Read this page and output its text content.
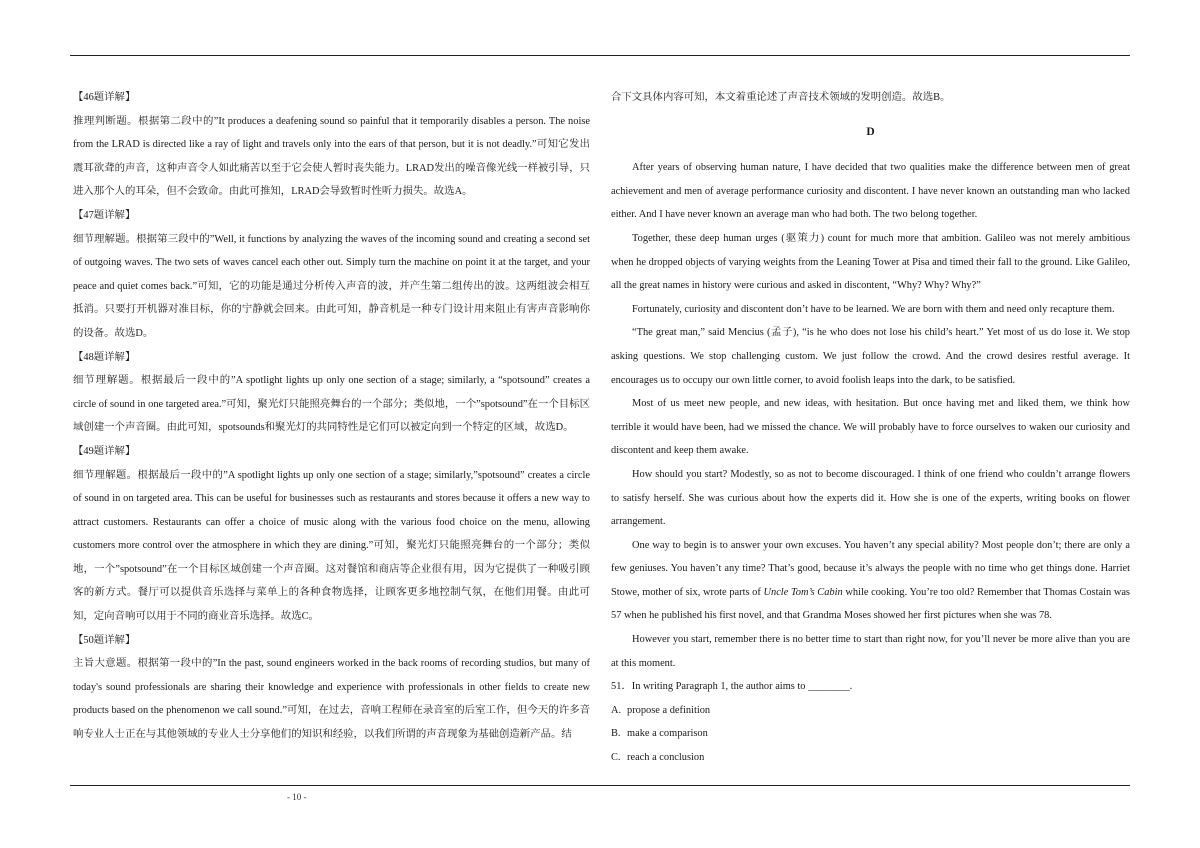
【46题详解】

推理判断题。根据第二段中的”It produces a deafening sound so painful that it temporarily disables a person. The noise from the LRAD is directed like a ray of light and travels only into the ears of that person, but it is not deadly.”可知它发出震耳欲聋的声音，这种声音令人如此痛苦以至于它会使人暂时丧失能力。LRAD发出的噪音像光线一样被引导，只进入那个人的耳朵，但不会致命。由此可推知，LRAD会导致暂时性听力损失。故选A。

【47题详解】

细节理解题。根据第三段中的”Well, it functions by analyzing the waves of the incoming sound and creating a second set of outgoing waves. The two sets of waves cancel each other out. Simply turn the machine on point it at the target, and your peace and quiet comes back.”可知，它的功能是通过分析传入声音的波，并产生第二组传出的波。这两组波会相互抵消。只要打开机器对准目标，你的宁静就会回来。由此可知，静音机是一种专门设计用来阻止有害声音影响你的设备。故选D。

【48题详解】

细节理解题。根据最后一段中的”A spotlight lights up only one section of a stage; similarly, a “spotsound” creates a circle of sound in one targeted area.”可知，聚光灯只能照亮舞台的一个部分；类似地，一个”spotsound”在一个目标区域创建一个声音圈。由此可知，spotsounds和聚光灯的共同特性是它们可以被定向到一个特定的区域，故选D。

【49题详解】

细节理解题。根据最后一段中的”A spotlight lights up only one section of a stage; similarly,”spotsound” creates a circle of sound in on targeted area. This can be useful for businesses such as restaurants and stores because it offers a new way to attract customers. Restaurants can offer a choice of music along with the various food choice on the menu, allowing customers more control over the atmosphere in which they are dining.”可知，聚光灯只能照亮舞台的一个部分；类似地，一个”spotsound”在一个目标区域创建一个声音圈。这对餐馆和商店等企业很有用，因为它提供了一种吸引顾客的新方式。餐厅可以提供音乐选择与菜单上的各种食物选择，让顾客更多地控制气氛，在他们用餐。由此可知，定向音响可以用于不同的商业音乐选择。故选C。

【50题详解】

主旨大意题。根据第一段中的”In the past, sound engineers worked in the back rooms of recording studios, but many of today's sound professionals are sharing their knowledge and experience with professionals in other fields to create new products based on the phenomenon we call sound.”可知，在过去，音响工程师在录音室的后室工作，但今天的许多音响专业人士正在与其他领域的专业人士分享他们的知识和经验，以我们所谓的声音现象为基础创造新产品。结

合下文具体内容可知，本文着重论述了声音技术领域的发明创造。故选B。

D

After years of observing human nature, I have decided that two qualities make the difference between men of great achievement and men of average performance curiosity and discontent. I have never known an outstanding man who lacked either. And I have never known an average man who had both. The two belong together.

Together, these deep human urges (驱策力) count for much more that ambition. Galileo was not merely ambitious when he dropped objects of varying weights from the Leaning Tower at Pisa and timed their fall to the ground. Like Galileo, all the great names in history were curious and asked in discontent, “Why? Why? Why?”

Fortunately, curiosity and discontent don’t have to be learned. We are born with them and need only recapture them.

“The great man,” said Mencius (孟子), “is he who does not lose his child’s heart.” Yet most of us do lose it. We stop asking questions. We stop challenging custom. We just follow the crowd. And the crowd desires restful average. It encourages us to occupy our own little corner, to avoid foolish leaps into the dark, to be satisfied.

Most of us meet new people, and new ideas, with hesitation. But once having met and liked them, we think how terrible it would have been, had we missed the chance. We will probably have to force ourselves to waken our curiosity and discontent and keep them awake.

How should you start? Modestly, so as not to become discouraged. I think of one friend who couldn’t arrange flowers to satisfy herself. She was curious about how the experts did it. How she is one of the experts, writing books on flower arrangement.

One way to begin is to answer your own excuses. You haven’t any special ability? Most people don’t; there are only a few geniuses. You haven’t any time? That’s good, because it’s always the people with no time who get things done. Harriet Stowe, mother of six, wrote parts of Uncle Tom’s Cabin while cooking. You’re too old? Remember that Thomas Costain was 57 when he published his first novel, and that Grandma Moses showed her first pictures when she was 78.

However you start, remember there is no better time to start than right now, for you’ll never be more alive than you are at this moment.

51．In writing Paragraph 1, the author aims to ________.

A. propose a definition

B. make a comparison

C. reach a conclusion

- 10 -
